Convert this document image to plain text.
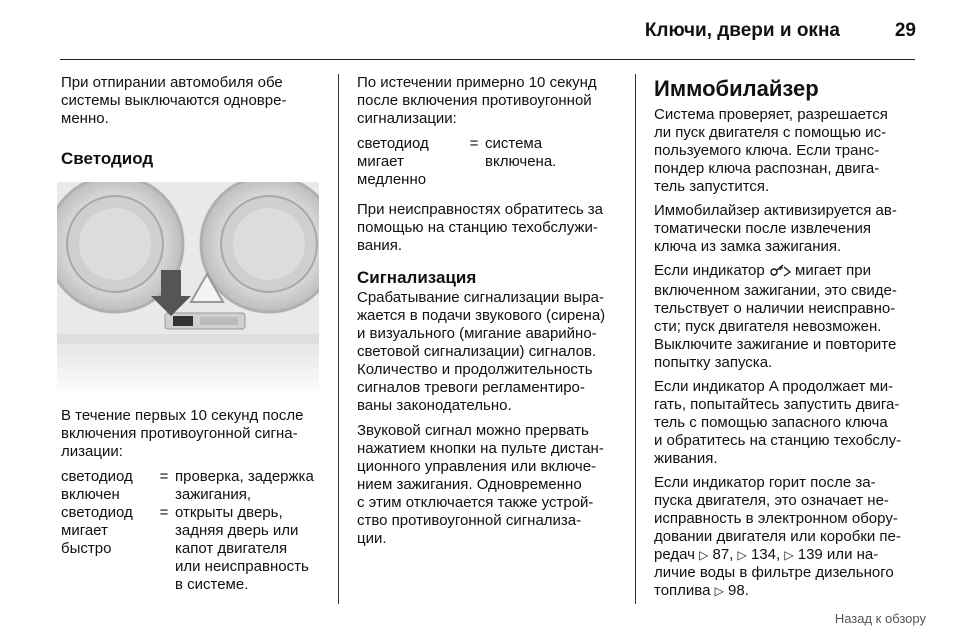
Ключи, двери и окна	29

При отпирании автомобиля обе
системы выключаются одновре-
менно.

Светодиод

В течение первых 10 секунд после
включения противоугонной сигна-
лизации:

светодиод
включен
= проверка, задержка
зажигания,
светодиод
мигает
быстро
= открыты дверь,
задняя дверь или
капот двигателя
или неисправность
в системе.

По истечении примерно 10 секунд
после включения противоугонной
сигнализации:

светодиод
мигает
медленно
= система
включена.

При неисправностях обратитесь за
помощью на станцию техобслужи-
вания.

Сигнализация

Срабатывание сигнализации выра-
жается в подачи звукового (сирена)
и визуального (мигание аварийно-
световой сигнализации) сигналов.
Количество и продолжительность
сигналов тревоги регламентиро-
ваны законодательно.

Звуковой сигнал можно прервать
нажатием кнопки на пульте дистан-
ционного управления или включе-
нием зажигания. Одновременно
с этим отключается также устрой-
ство противоугонной сигнализа-
ции.

Иммобилайзер

Система проверяет, разрешается
ли пуск двигателя с помощью ис-
пользуемого ключа. Если транс-
пондер ключа распознан, двига-
тель запустится.

Иммобилайзер активизируется ав-
томатически после извлечения
ключа из замка зажигания.

Если индикатор  мигает при
включенном зажигании, это свиде-
тельствует о наличии неисправно-
сти; пуск двигателя невозможен.
Выключите зажигание и повторите
попытку запуска.

Если индикатор A продолжает ми-
гать, попытайтесь запустить двига-
тель с помощью запасного ключа
и обратитесь на станцию техобслу-
живания.

Если индикатор горит после за-
пуска двигателя, это означает не-
исправность в электронном обору-
довании двигателя или коробки пе-
редач ▷ 87, ▷ 134, ▷ 139 или на-
личие воды в фильтре дизельного
топлива ▷ 98.

Назад к обзору
